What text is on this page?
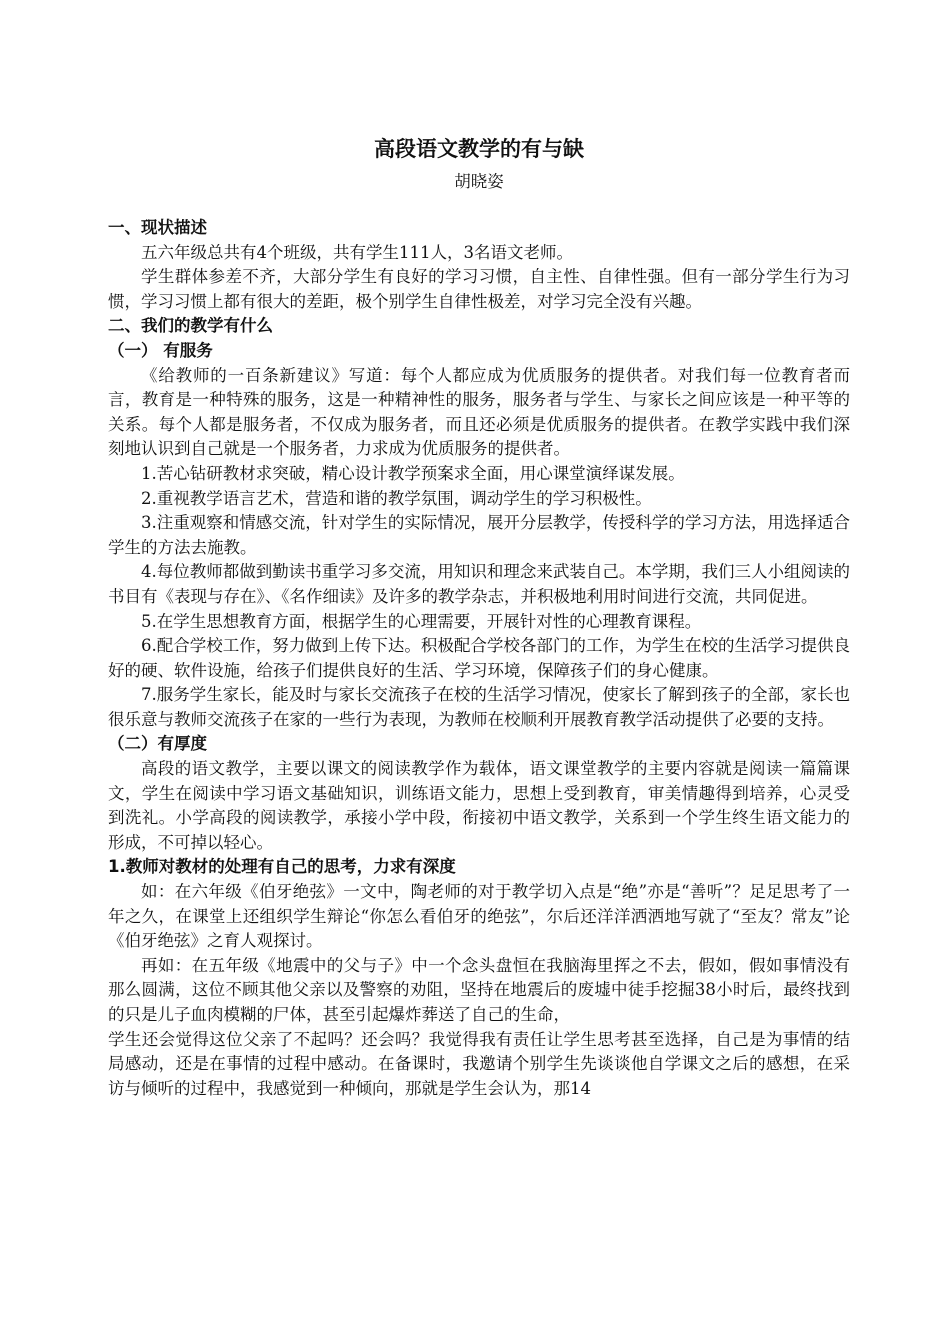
高段语文教学的有与缺
胡晓姿
一、现状描述
五六年级总共有4个班级，共有学生111人，3名语文老师。
学生群体参差不齐，大部分学生有良好的学习习惯，自主性、自律性强。但有一部分学生行为习惯，学习习惯上都有很大的差距，极个别学生自律性极差，对学习完全没有兴趣。
二、我们的教学有什么
（一） 有服务
《给教师的一百条新建议》写道：每个人都应成为优质服务的提供者。对我们每一位教育者而言，教育是一种特殊的服务，这是一种精神性的服务，服务者与学生、与家长之间应该是一种平等的关系。每个人都是服务者，不仅成为服务者，而且还必须是优质服务的提供者。在教学实践中我们深刻地认识到自己就是一个服务者，力求成为优质服务的提供者。
1.苦心钻研教材求突破，精心设计教学预案求全面，用心课堂演绎谋发展。
2.重视教学语言艺术，营造和谐的教学氛围，调动学生的学习积极性。
3.注重观察和情感交流，针对学生的实际情况，展开分层教学，传授科学的学习方法，用选择适合学生的方法去施教。
4.每位教师都做到勤读书重学习多交流，用知识和理念来武装自己。本学期，我们三人小组阅读的书目有《表现与存在》、《名作细读》及许多的教学杂志，并积极地利用时间进行交流，共同促进。
5.在学生思想教育方面，根据学生的心理需要，开展针对性的心理教育课程。
6.配合学校工作，努力做到上传下达。积极配合学校各部门的工作，为学生在校的生活学习提供良好的硬、软件设施，给孩子们提供良好的生活、学习环境，保障孩子们的身心健康。
7.服务学生家长，能及时与家长交流孩子在校的生活学习情况，使家长了解到孩子的全部，家长也很乐意与教师交流孩子在家的一些行为表现，为教师在校顺利开展教育教学活动提供了必要的支持。
（二）有厚度
高段的语文教学，主要以课文的阅读教学作为载体，语文课堂教学的主要内容就是阅读一篇篇课文，学生在阅读中学习语文基础知识，训练语文能力，思想上受到教育，审美情趣得到培养，心灵受到洗礼。小学高段的阅读教学，承接小学中段，衔接初中语文教学，关系到一个学生终生语文能力的形成，不可掉以轻心。
1.教师对教材的处理有自己的思考，力求有深度
如：在六年级《伯牙绝弦》一文中，陶老师的对于教学切入点是“绝”亦是“善听”？足足思考了一年之久，在课堂上还组织学生辩论“你怎么看伯牙的绝弦”，尔后还洋洋洒洒地写就了“至友？常友”论《伯牙绝弦》之育人观探讨。
再如：在五年级《地震中的父与子》中一个念头盘恒在我脑海里挥之不去，假如，假如事情没有那么圆满，这位不顾其他父亲以及警察的劝阻，坚持在地震后的废墟中徒手挖掘38小时后，最终找到的只是儿子血肉模糊的尸体，甚至引起爆炸葬送了自己的生命，
学生还会觉得这位父亲了不起吗？还会吗？我觉得我有责任让学生思考甚至选择，自己是为事情的结局感动，还是在事情的过程中感动。在备课时，我邀请个别学生先谈谈他自学课文之后的感想，在采访与倾听的过程中，我感觉到一种倾向，那就是学生会认为，那14
